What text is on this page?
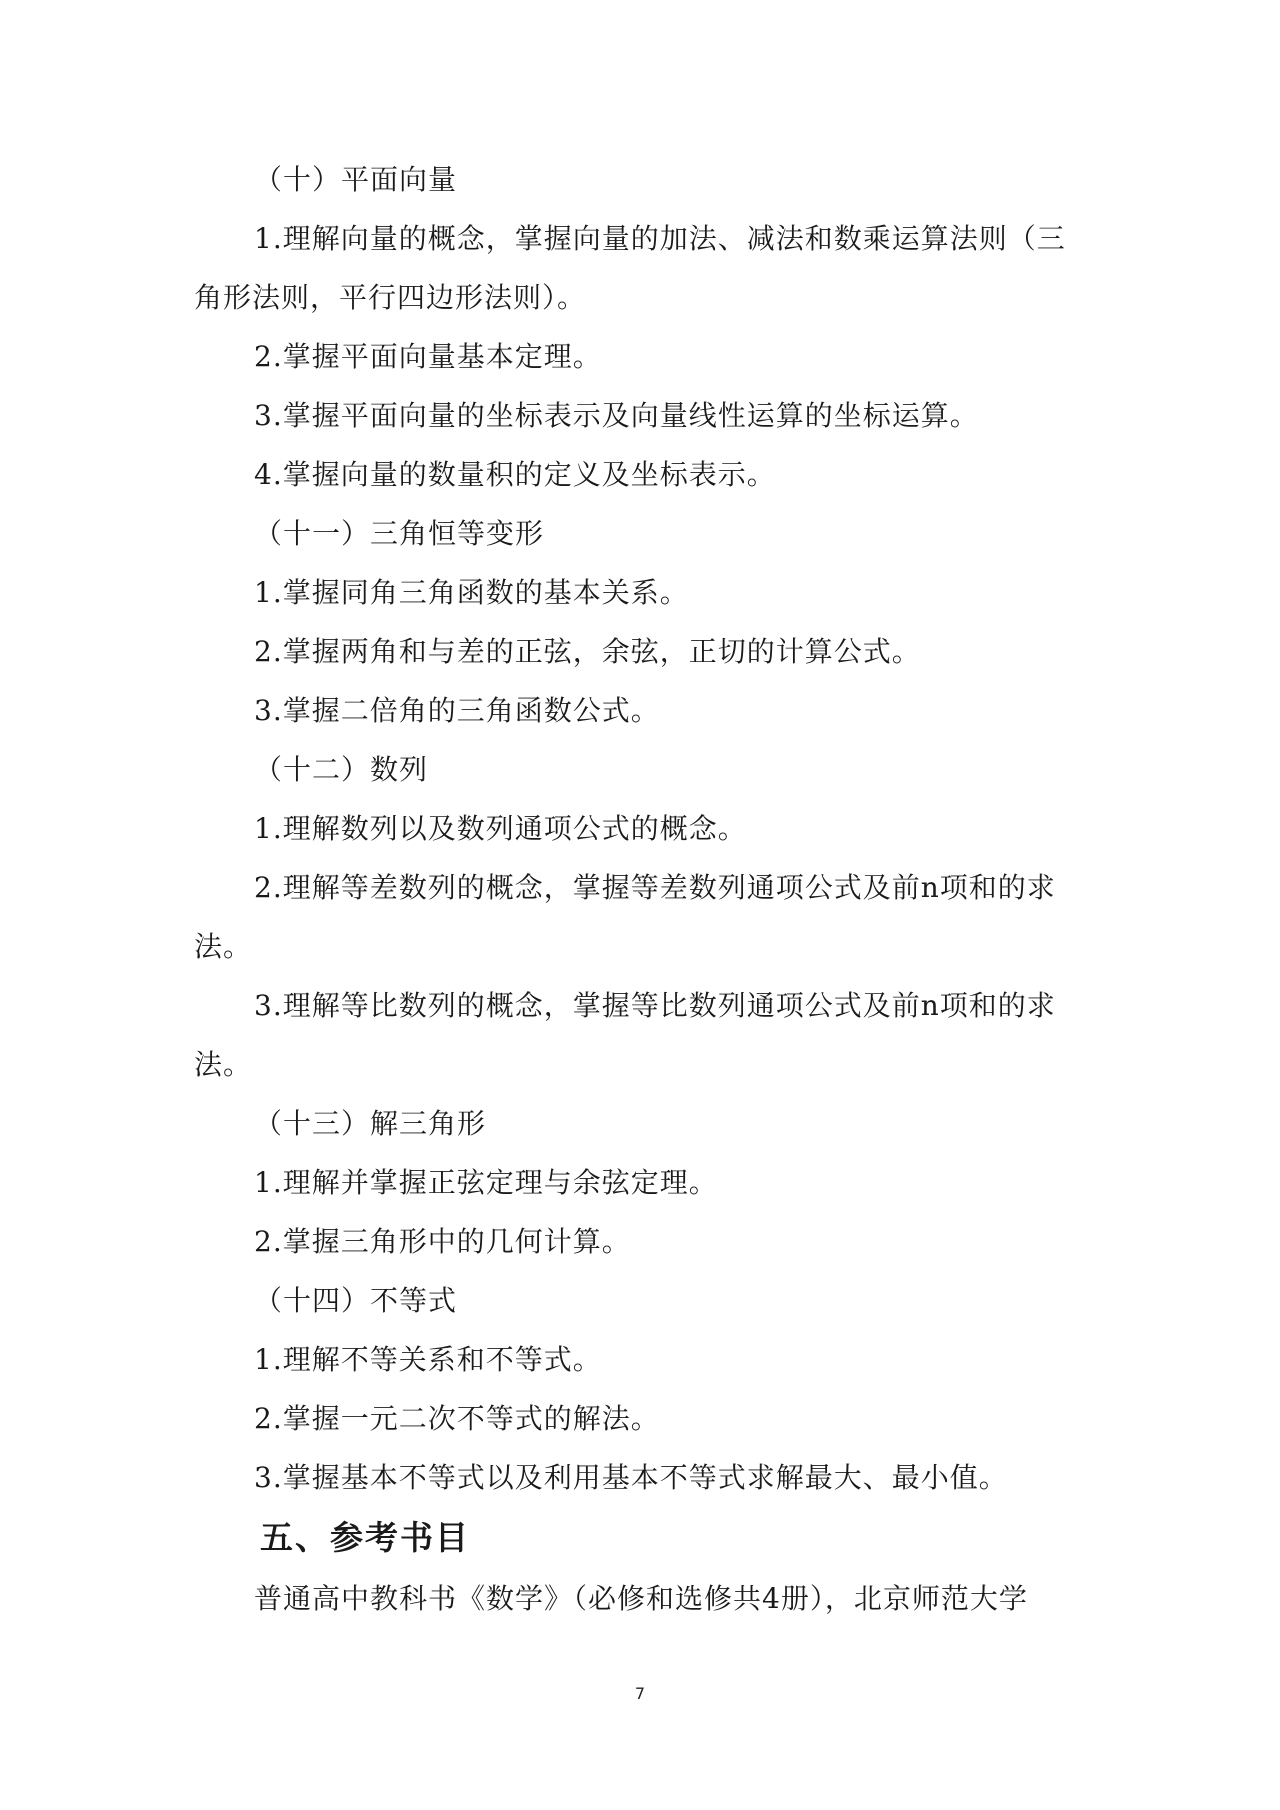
（十）平面向量
1.理解向量的概念，掌握向量的加法、减法和数乘运算法则（三
角形法则，平行四边形法则）。
2.掌握平面向量基本定理。
3.掌握平面向量的坐标表示及向量线性运算的坐标运算。
4.掌握向量的数量积的定义及坐标表示。
（十一）三角恒等变形
1.掌握同角三角函数的基本关系。
2.掌握两角和与差的正弦，余弦，正切的计算公式。
3.掌握二倍角的三角函数公式。
（十二）数列
1.理解数列以及数列通项公式的概念。
2.理解等差数列的概念，掌握等差数列通项公式及前n项和的求
法。
3.理解等比数列的概念，掌握等比数列通项公式及前n项和的求
法。
（十三）解三角形
1.理解并掌握正弦定理与余弦定理。
2.掌握三角形中的几何计算。
（十四）不等式
1.理解不等关系和不等式。
2.掌握一元二次不等式的解法。
3.掌握基本不等式以及利用基本不等式求解最大、最小值。
五、参考书目
普通高中教科书《数学》（必修和选修共4册），北京师范大学
7
